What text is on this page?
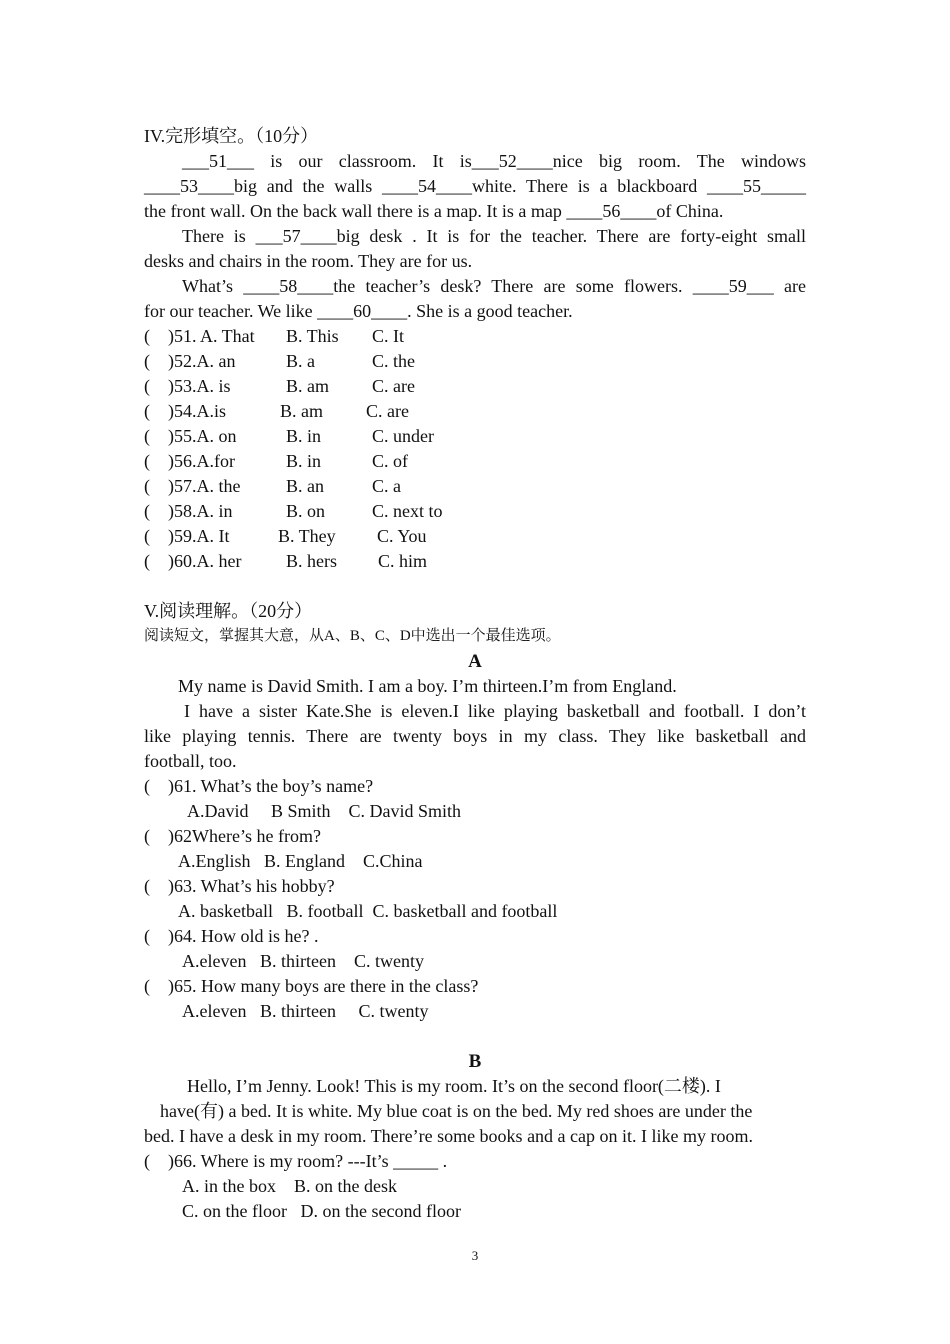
IV.完形填空。（10分）

___51___ is our classroom. It is___52____nice big room. The windows

____53____big and the walls ____54____white. There is a blackboard ____55_____

the front wall. On the back wall there is a map. It is a map ____56____of China.

There is ___57____big desk . It is for the teacher. There are forty-eight small

desks and chairs in the room. They are for us.

What’s ____58____the teacher’s desk? There are some flowers. ____59___ are

for our teacher. We like ____60____. She is a good teacher.

( )51. A. That B. This C. It

( )52.A. an	B. a	C. the

( )53.A. is	B. am C. are

( )54.A.is	B. am C. are

( )55.A. on	B. in	C. under

( )56.A.for	B. in	C. of

( )57.A. the	B. an	C. a

( )58.A. in	B. on	C. next to

( )59.A. It	B. They C. You

( )60.A. her B. hers C. him

V.阅读理解。（20分）

阅读短文，掌握其大意，从A、B、C、D中选出一个最佳选项。

A

My name is David Smith. I am a boy. I’m thirteen.I’m from England.

I have a sister Kate.She is eleven.I like playing basketball and football. I don’t

like playing tennis. There are twenty boys in my class. They like basketball and

football, too.

( )61. What’s the boy’s name?

A.David     B Smith    C. David Smith

( )62Where’s he from?

A.English   B. England    C.China

( )63. What’s his hobby?

A. basketball   B. football  C. basketball and football

( )64. How old is he? .

A.eleven   B. thirteen    C. twenty

( )65. How many boys are there in the class?

A.eleven   B. thirteen     C. twenty

B

Hello, I’m Jenny. Look! This is my room. It’s on the second floor(二楼). I

have(有) a bed. It is white. My blue coat is on the bed. My red shoes are under the

bed. I have a desk in my room. There’re some books and a cap on it. I like my room.

( )66. Where is my room? ---It’s _____ .

A. in the box    B. on the desk

C. on the floor   D. on the second floor

3
